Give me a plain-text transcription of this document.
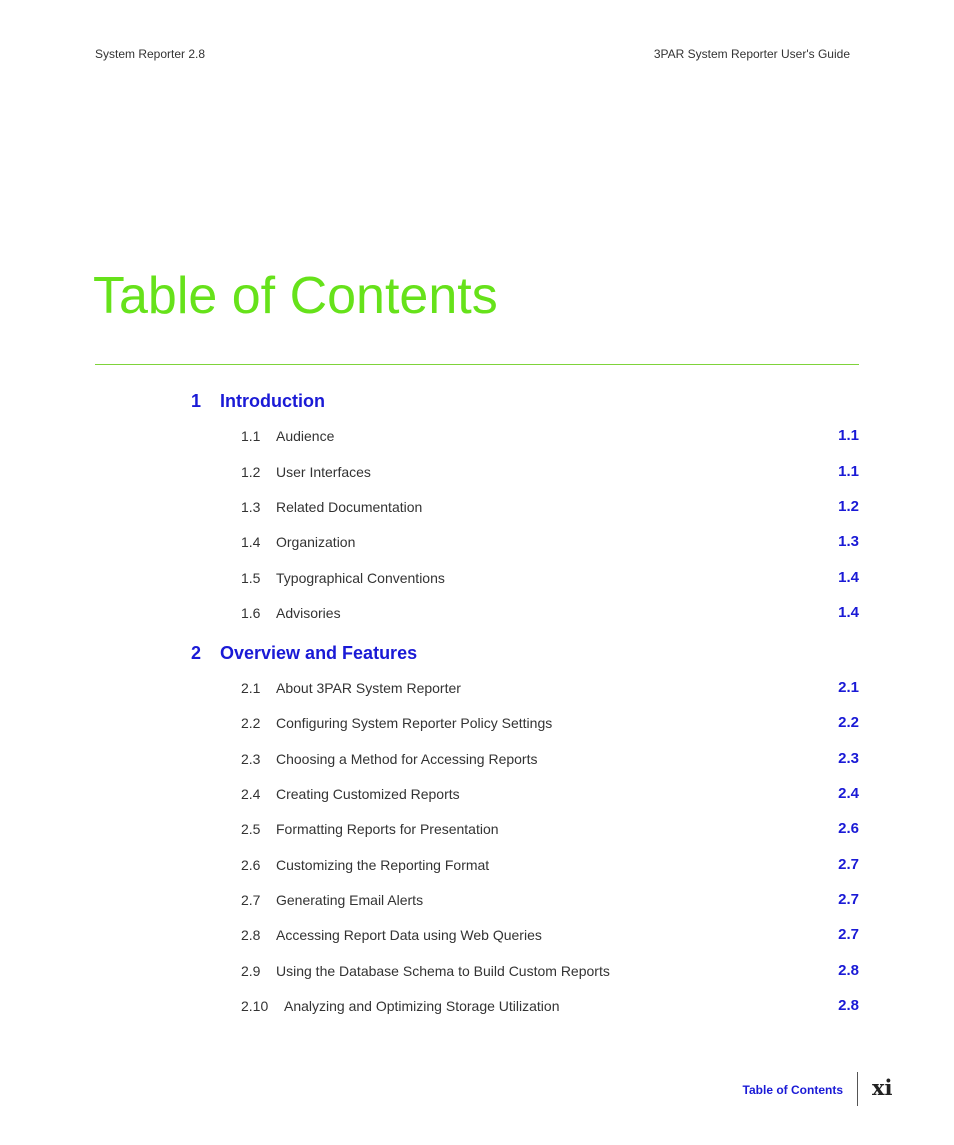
System Reporter 2.8	3PAR System Reporter User's Guide
Table of Contents
1 Introduction
1.1 Audience	1.1
1.2 User Interfaces	1.1
1.3 Related Documentation	1.2
1.4 Organization	1.3
1.5 Typographical Conventions	1.4
1.6 Advisories	1.4
2 Overview and Features
2.1 About 3PAR System Reporter	2.1
2.2 Configuring System Reporter Policy Settings	2.2
2.3 Choosing a Method for Accessing Reports	2.3
2.4 Creating Customized Reports	2.4
2.5 Formatting Reports for Presentation	2.6
2.6 Customizing the Reporting Format	2.7
2.7 Generating Email Alerts	2.7
2.8 Accessing Report Data using Web Queries	2.7
2.9 Using the Database Schema to Build Custom Reports	2.8
2.10 Analyzing and Optimizing Storage Utilization	2.8
Table of Contents xi
